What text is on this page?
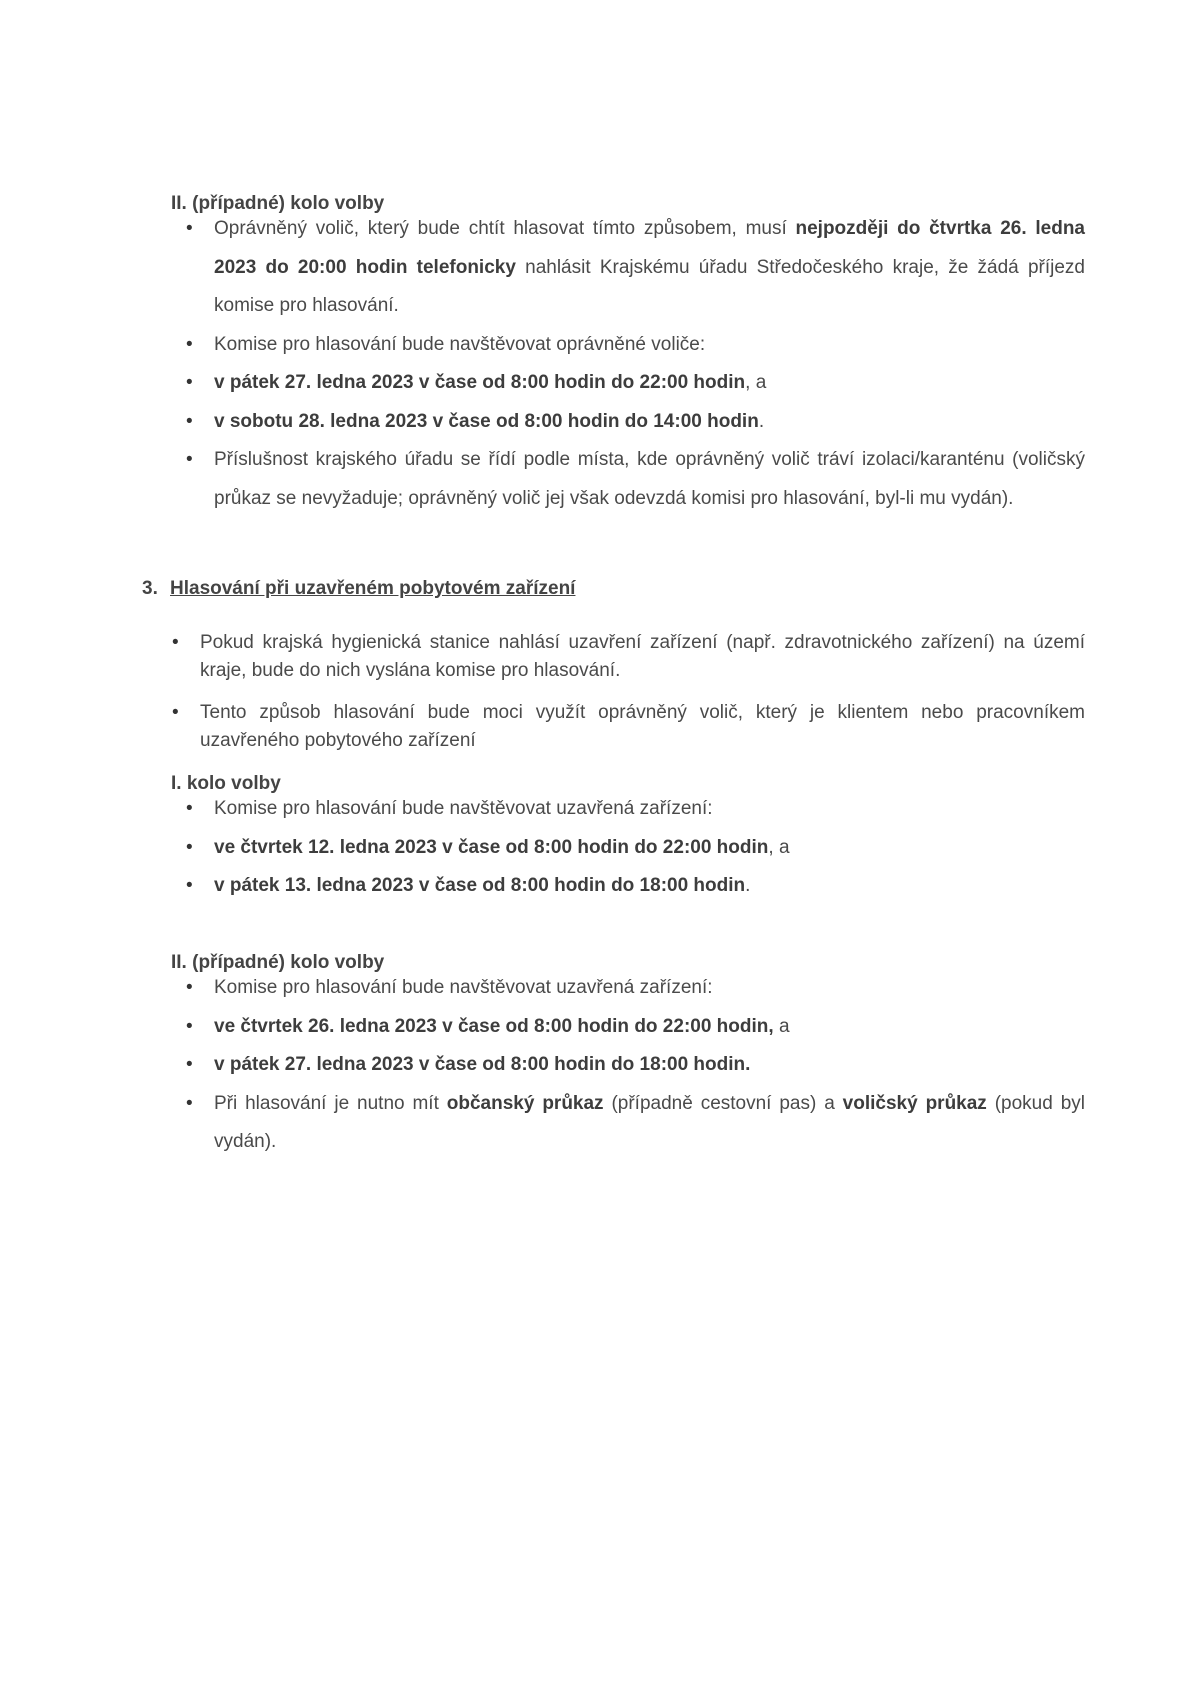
II. (případné) kolo volby

• Oprávněný volič, který bude chtít hlasovat tímto způsobem, musí nejpozději do čtvrtka 26. ledna 2023 do 20:00 hodin telefonicky nahlásit Krajskému úřadu Středočeského kraje, že žádá příjezd komise pro hlasování.
• Komise pro hlasování bude navštěvovat oprávněné voliče:
• v pátek 27. ledna 2023 v čase od 8:00 hodin do 22:00 hodin, a
• v sobotu 28. ledna 2023 v čase od 8:00 hodin do 14:00 hodin.
• Příslušnost krajského úřadu se řídí podle místa, kde oprávněný volič tráví izolaci/karanténu (voličský průkaz se nevyžaduje; oprávněný volič jej však odevzdá komisi pro hlasování, byl-li mu vydán).

3. Hlasování při uzavřeném pobytovém zařízení

• Pokud krajská hygienická stanice nahlásí uzavření zařízení (např. zdravotnického zařízení) na území kraje, bude do nich vyslána komise pro hlasování.
• Tento způsob hlasování bude moci využít oprávněný volič, který je klientem nebo pracovníkem uzavřeného pobytového zařízení

I. kolo volby

• Komise pro hlasování bude navštěvovat uzavřená zařízení:
• ve čtvrtek 12. ledna 2023 v čase od 8:00 hodin do 22:00 hodin, a
• v pátek 13. ledna 2023 v čase od 8:00 hodin do 18:00 hodin.

II. (případné) kolo volby

• Komise pro hlasování bude navštěvovat uzavřená zařízení:
• ve čtvrtek 26. ledna 2023 v čase od 8:00 hodin do 22:00 hodin, a
• v pátek 27. ledna 2023 v čase od 8:00 hodin do 18:00 hodin.
• Při hlasování je nutno mít občanský průkaz (případně cestovní pas) a voličský průkaz (pokud byl vydán).
